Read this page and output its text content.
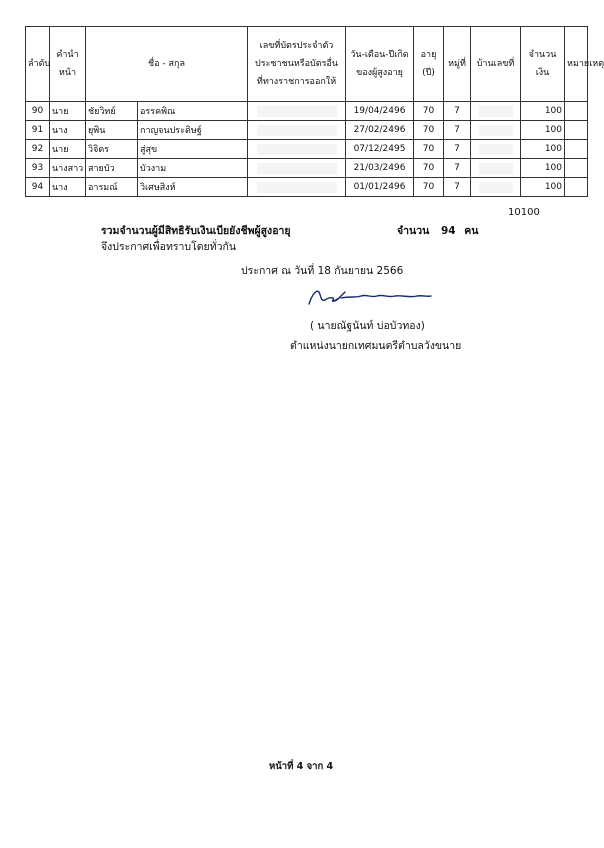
ลำดับ	คำนำหน้า	ชื่อ - สกุล		เลขที่บัตรประจำตัวประชาชนหรือบัตรอื่นที่ทางราชการออกให้	วัน-เดือน-ปีเกิดของผู้สูงอายุ	อายุ (ปี)	หมู่ที่	บ้านเลขที่	จำนวนเงิน	หมายเหตุ
90	นาย	ชัยวิทย์	อรรคพิณ		19/04/2496	70	7		100	
91	นาง	ยุพิน	กาญจนประดิษฐ์		27/02/2496	70	7		100	
92	นาย	วิจิตร	สู่สุข		07/12/2495	70	7		100	
93	นางสาว	สายบัว	บัวงาม		21/03/2496	70	7		100	
94	นาง	อารมณ์	วิเศษสิงห์		01/01/2496	70	7		100	
10100
รวมจำนวนผู้มีสิทธิรับเงินเบียยังชีพผู้สูงอายุ	จำนวน 94 คน
จึงประกาศเพื่อทราบโดยทั่วกัน
ประกาศ ณ วันที่ 18 กันยายน 2566
( นายณัฐนันท์ บ่อบัวทอง)
ตำแหน่งนายกเทศมนตรีตำบลวังขนาย
หน้าที่ 4 จาก 4
